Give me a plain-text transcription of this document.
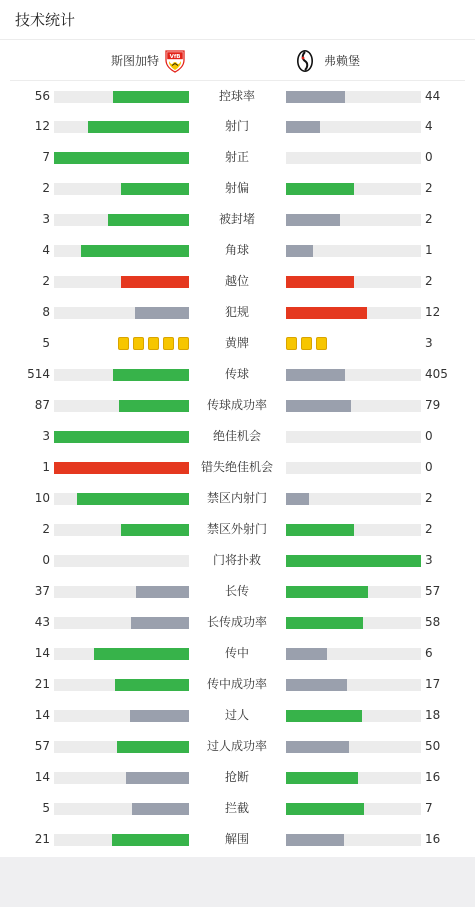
技术统计
斯图加特 VfB	弗赖堡
56	控球率	44
12	射门	4
7	射正	0
2	射偏	2
3	被封堵	2
4	角球	1
2	越位	2
8	犯规	12
5	黄牌	3
514	传球	405
87	传球成功率	79
3	绝佳机会	0
1	错失绝佳机会	0
10	禁区内射门	2
2	禁区外射门	2
0	门将扑救	3
37	长传	57
43	长传成功率	58
14	传中	6
21	传中成功率	17
14	过人	18
57	过人成功率	50
14	抢断	16
5	拦截	7
21	解围	16
